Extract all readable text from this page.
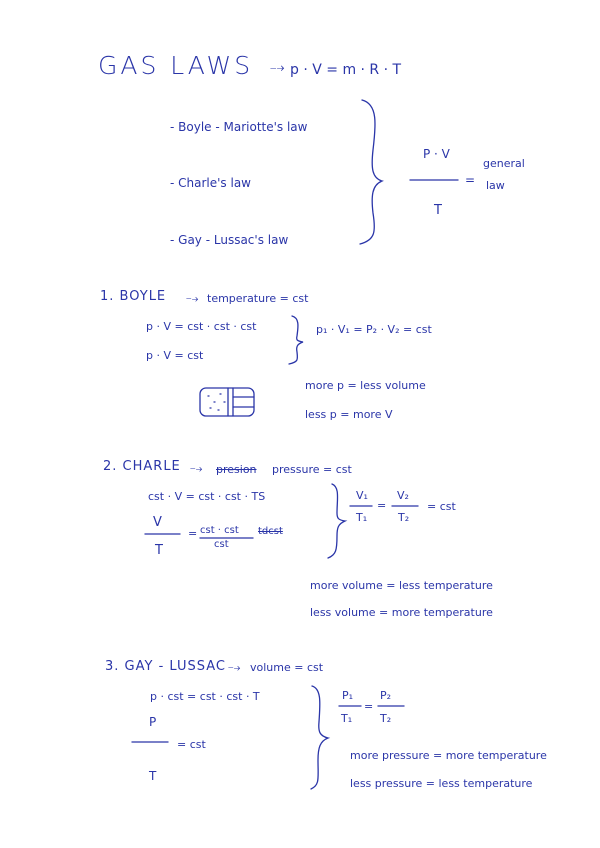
GAS LAWS ⤍ p · V = m · R · T
- Boyle - Mariotte's law
- Charle's law
- Gay - Lussac's law
P · V
T
=
general
law
1. BOYLE ⤍ temperature = cst
p · V = cst · cst · cst
p · V = cst
p₁ · V₁ = P₂ · V₂ = cst
more p = less volume
less p = more V
2. CHARLE ⤍ presion pressure = cst
cst · V = cst · cst · TS
V
T
= cst · cst tdcst
cst
V₁
T₁
=
V₂
T₂
= cst
more volume = less temperature
less volume = more temperature
3. GAY - LUSSAC ⤍ volume = cst
p · cst = cst · cst · T
P
T
= cst
P₁
T₁
=
P₂
T₂
more pressure = more temperature
less pressure = less temperature
